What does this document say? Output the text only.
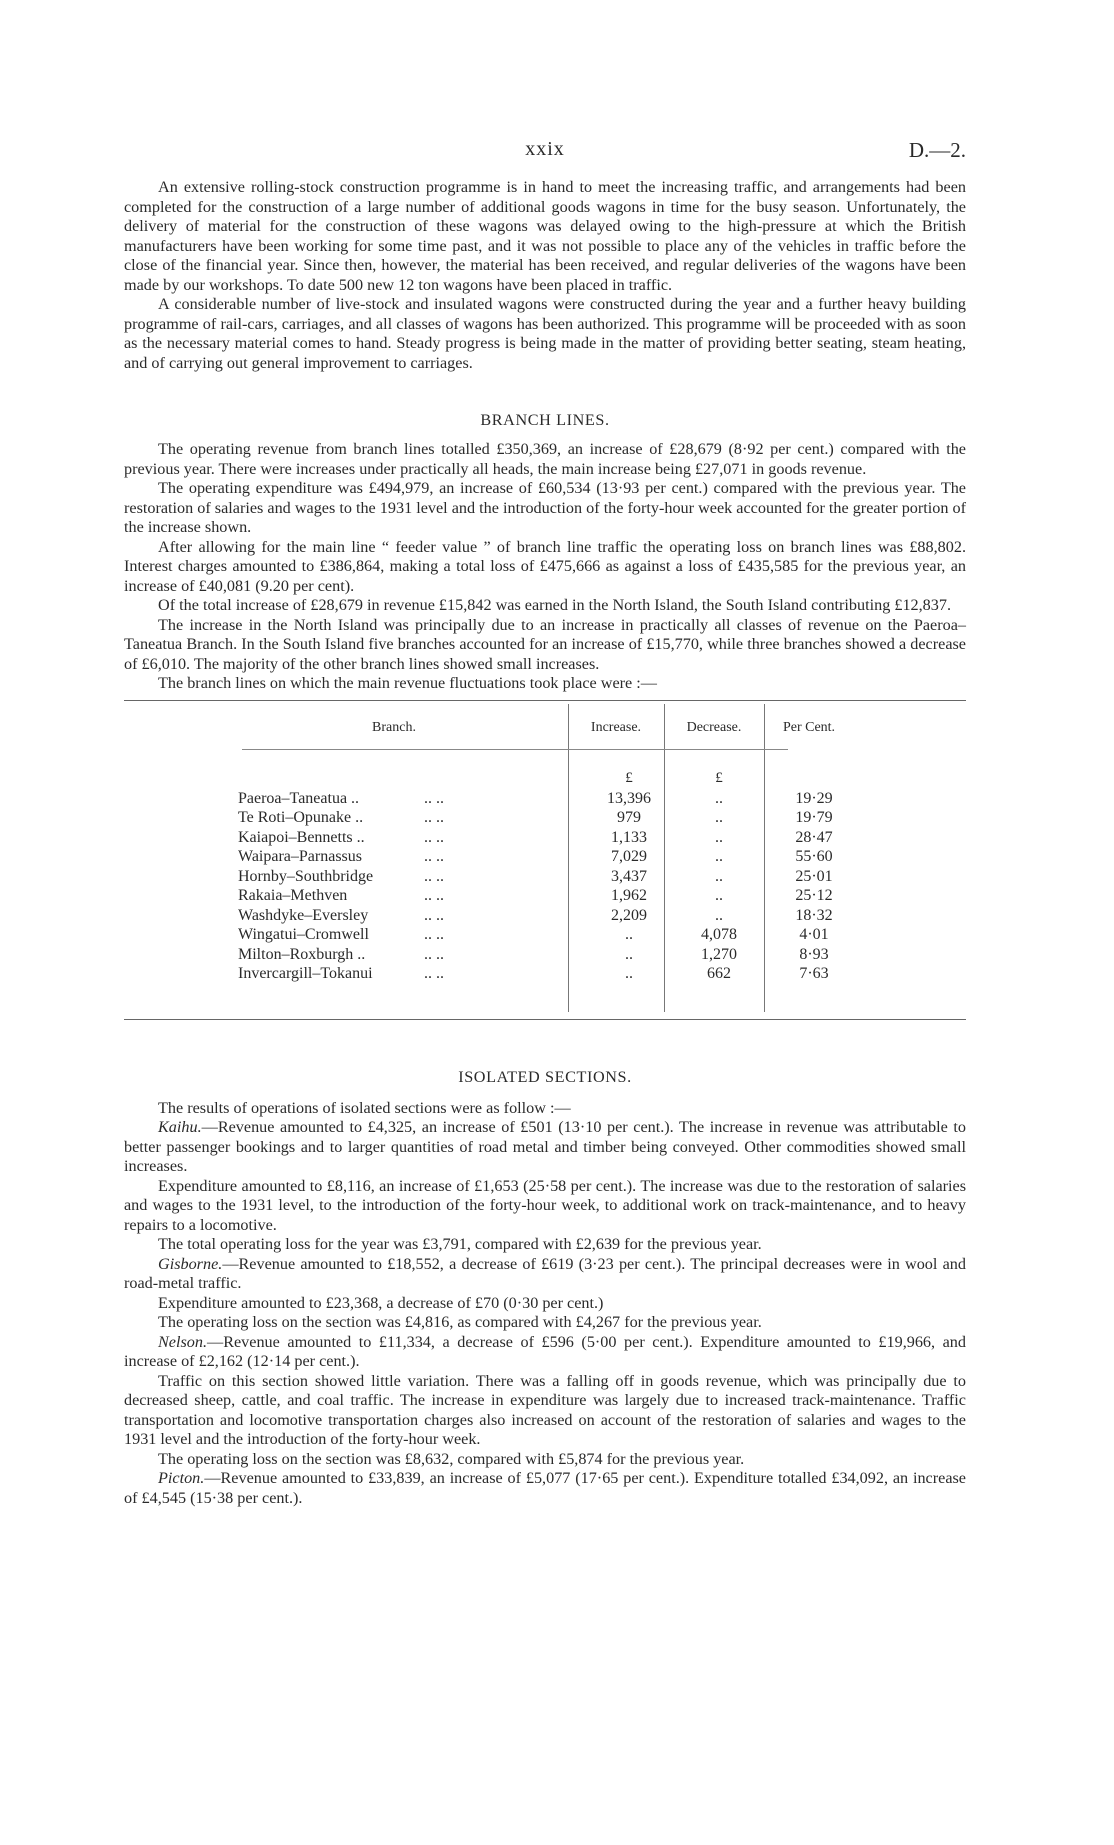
xxix	D.—2.

An extensive rolling-stock construction programme is in hand to meet the increasing traffic, and arrangements had been completed for the construction of a large number of additional goods wagons in time for the busy season. Unfortunately, the delivery of material for the construction of these wagons was delayed owing to the high-pressure at which the British manufacturers have been working for some time past, and it was not possible to place any of the vehicles in traffic before the close of the financial year. Since then, however, the material has been received, and regular deliveries of the wagons have been made by our workshops. To date 500 new 12 ton wagons have been placed in traffic.

A considerable number of live-stock and insulated wagons were constructed during the year and a further heavy building programme of rail-cars, carriages, and all classes of wagons has been authorized. This programme will be proceeded with as soon as the necessary material comes to hand. Steady progress is being made in the matter of providing better seating, steam heating, and of carrying out general improvement to carriages.

BRANCH LINES.

The operating revenue from branch lines totalled £350,369, an increase of £28,679 (8·92 per cent.) compared with the previous year. There were increases under practically all heads, the main increase being £27,071 in goods revenue.

The operating expenditure was £494,979, an increase of £60,534 (13·93 per cent.) compared with the previous year. The restoration of salaries and wages to the 1931 level and the introduction of the forty-hour week accounted for the greater portion of the increase shown.

After allowing for the main line “ feeder value ” of branch line traffic the operating loss on branch lines was £88,802. Interest charges amounted to £386,864, making a total loss of £475,666 as against a loss of £435,585 for the previous year, an increase of £40,081 (9.20 per cent).

Of the total increase of £28,679 in revenue £15,842 was earned in the North Island, the South Island contributing £12,837.

The increase in the North Island was principally due to an increase in practically all classes of revenue on the Paeroa–Taneatua Branch. In the South Island five branches accounted for an increase of £15,770, while three branches showed a decrease of £6,010. The majority of the other branch lines showed small increases.

The branch lines on which the main revenue fluctuations took place were :—

Branch.	Increase.	Decrease.	Per Cent.
£	£
Paeroa–Taneatua ..	.. ..	13,396	..	19·29
Te Roti–Opunake ..	.. ..	979	..	19·79
Kaiapoi–Bennetts ..	.. ..	1,133	..	28·47
Waipara–Parnassus	.. ..	7,029	..	55·60
Hornby–Southbridge	.. ..	3,437	..	25·01
Rakaia–Methven	.. ..	1,962	..	25·12
Washdyke–Eversley	.. ..	2,209	..	18·32
Wingatui–Cromwell	.. ..	..	4,078	4·01
Milton–Roxburgh ..	.. ..	..	1,270	8·93
Invercargill–Tokanui	.. ..	..	662	7·63
ISOLATED SECTIONS.

The results of operations of isolated sections were as follow :—

Kaihu.—Revenue amounted to £4,325, an increase of £501 (13·10 per cent.). The increase in revenue was attributable to better passenger bookings and to larger quantities of road metal and timber being conveyed. Other commodities showed small increases.

Expenditure amounted to £8,116, an increase of £1,653 (25·58 per cent.). The increase was due to the restoration of salaries and wages to the 1931 level, to the introduction of the forty-hour week, to additional work on track-maintenance, and to heavy repairs to a locomotive.

The total operating loss for the year was £3,791, compared with £2,639 for the previous year.

Gisborne.—Revenue amounted to £18,552, a decrease of £619 (3·23 per cent.). The principal decreases were in wool and road-metal traffic.

Expenditure amounted to £23,368, a decrease of £70 (0·30 per cent.)

The operating loss on the section was £4,816, as compared with £4,267 for the previous year.

Nelson.—Revenue amounted to £11,334, a decrease of £596 (5·00 per cent.). Expenditure amounted to £19,966, and increase of £2,162 (12·14 per cent.).

Traffic on this section showed little variation. There was a falling off in goods revenue, which was principally due to decreased sheep, cattle, and coal traffic. The increase in expenditure was largely due to increased track-maintenance. Traffic transportation and locomotive transportation charges also increased on account of the restoration of salaries and wages to the 1931 level and the introduction of the forty-hour week.

The operating loss on the section was £8,632, compared with £5,874 for the previous year.

Picton.—Revenue amounted to £33,839, an increase of £5,077 (17·65 per cent.). Expenditure totalled £34,092, an increase of £4,545 (15·38 per cent.).
